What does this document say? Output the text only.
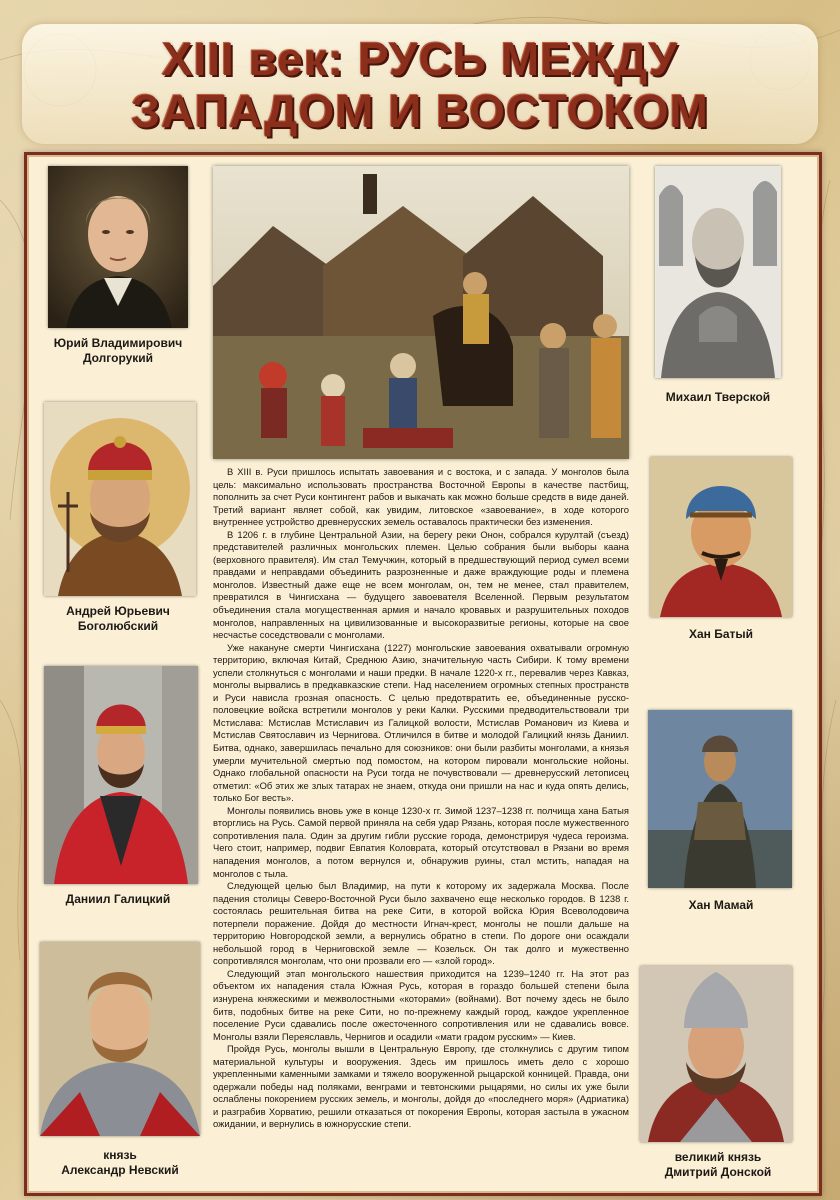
XIII век: РУСЬ МЕЖДУ
ЗАПАДОМ И ВОСТОКОМ
Юрий Владимирович
Долгорукий
Андрей Юрьевич
Боголюбский
Даниил Галицкий
князь
Александр Невский

В XIII в. Руси пришлось испытать завоевания и с востока, и с запада. У монголов была цель: максимально использовать пространства Восточной Европы в качестве пастбищ, пополнить за счет Руси контингент рабов и выкачать как можно больше средств в виде даней. Третий вариант являет собой, как увидим, литовское «завоевание», в ходе которого внутреннее устройство древнерусских земель оставалось практически без изменения.

В 1206 г. в глубине Центральной Азии, на берегу реки Онон, собрался курултай (съезд) представителей различных монгольских племен. Целью собрания были выборы каана (верховного правителя). Им стал Темучжин, который в предшествующий период сумел всеми правдами и неправдами объединить разрозненные и даже враждующие роды и племена монголов. Известный даже еще не всем монголам, он, тем не менее, стал правителем, превратился в Чингисхана — будущего завоевателя Вселенной. Первым результатом объединения стала могущественная армия и начало кровавых и разрушительных походов монголов, направленных на цивилизованные и высокоразвитые регионы, которые на свое несчастье соседствовали с монголами.

Уже накануне смерти Чингисхана (1227) монгольские завоевания охватывали огромную территорию, включая Китай, Среднюю Азию, значительную часть Сибири. К тому времени успели столкнуться с монголами и наши предки. В начале 1220-х гг., перевалив через Кавказ, монголы вырвались в предкавказские степи. Над населением огромных степных пространств и Руси нависла грозная опасность. С целью предотвратить ее, объединенные русско-половецкие войска встретили монголов у реки Калки. Русскими предводительствовали три Мстислава: Мстислав Мстиславич из Галицкой волости, Мстислав Романович из Киева и Мстислав Святославич из Чернигова. Отличился в битве и молодой Галицкий князь Даниил. Битва, однако, завершилась печально для союзников: они были разбиты монголами, а князья умерли мучительной смертью под помостом, на котором пировали монгольские нойоны. Однако глобальной опасности на Руси тогда не почувствовали — древнерусский летописец отметил: «Об этих же злых татарах не знаем, откуда они пришли на нас и куда опять делись, только Бог весть».

Монголы появились вновь уже в конце 1230-х гг. Зимой 1237–1238 гг. полчища хана Батыя вторглись на Русь. Самой первой приняла на себя удар Рязань, которая после мужественного сопротивления пала. Один за другим гибли русские города, демонстрируя чудеса героизма. Чего стоит, например, подвиг Евпатия Коловрата, который отсутствовал в Рязани во время нападения монголов, а потом вернулся и, обнаружив руины, стал мстить, нападая на монголов с тыла.

Следующей целью был Владимир, на пути к которому их задержала Москва. После падения столицы Северо-Восточной Руси было захвачено еще несколько городов. В 1238 г. состоялась решительная битва на реке Сити, в которой войска Юрия Всеволодовича потерпели поражение. Дойдя до местности Игнач-крест, монголы не пошли дальше на территорию Новгородской земли, а вернулись обратно в степи. По дороге они осаждали небольшой город в Черниговской земле — Козельск. Он так долго и мужественно сопротивлялся монголам, что они прозвали его — «злой город».

Следующий этап монгольского нашествия приходится на 1239–1240 гг. На этот раз объектом их нападения стала Южная Русь, которая в гораздо большей степени была изнурена княжескими и межволостными «которами» (войнами). Вот почему здесь не было битв, подобных битве на реке Сити, но по-прежнему каждый город, каждое укрепленное поселение Руси сдавались после ожесточенного сопротивления или не сдавались вовсе. Монголы взяли Переяславль, Чернигов и осадили «мати градом русским» — Киев.

Пройдя Русь, монголы вышли в Центральную Европу, где столкнулись с другим типом материальной культуры и вооружения. Здесь им пришлось иметь дело с хорошо укрепленными каменными замками и тяжело вооруженной рыцарской конницей. Правда, они одержали победы над поляками, венграми и тевтонскими рыцарями, но силы их уже были ослаблены покорением русских земель, и монголы, дойдя до «последнего моря» (Адриатика) и разграбив Хорватию, решили отказаться от покорения Европы, которая застыла в ужасном ожидании, и вернулись в южнорусские степи.

Михаил Тверской
Хан Батый
Хан Мамай
великий князь
Дмитрий Донской
